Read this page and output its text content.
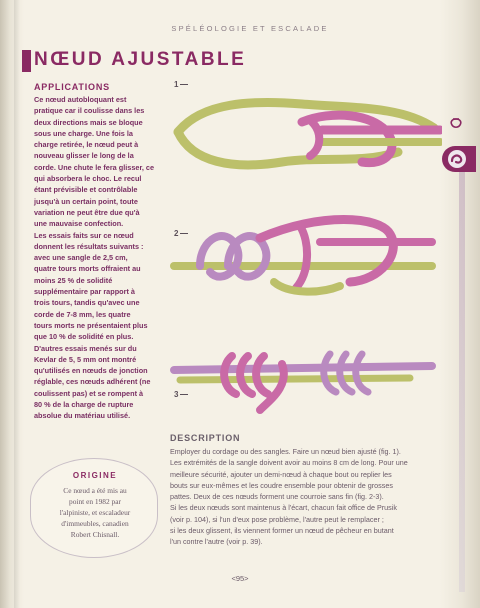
SPÉLÉOLOGIE ET ESCALADE
NŒUD AJUSTABLE
APPLICATIONS
Ce nœud autobloquant est
pratique car il coulisse dans les
deux directions mais se bloque
sous une charge. Une fois la
charge retirée, le nœud peut à
nouveau glisser le long de la
corde. Une chute le fera glisser, ce
qui absorbera le choc. Le recul
étant prévisible et contrôlable
jusqu'à un certain point, toute
variation ne peut être due qu'à
une mauvaise confection.
Les essais faits sur ce nœud
donnent les résultats suivants :
avec une sangle de 2,5 cm,
quatre tours morts offraient au
moins 25 % de solidité
supplémentaire par rapport à
trois tours, tandis qu'avec une
corde de 7-8 mm, les quatre
tours morts ne présentaient plus
que 10 % de solidité en plus.
D'autres essais menés sur du
Kevlar de 5, 5 mm ont montré
qu'utilisés en nœuds de jonction
réglable, ces nœuds adhérent (ne
coulissent pas) et se rompent à
80 % de la charge de rupture
absolue du matériau utilisé.
1
2
3
DESCRIPTION
Employer du cordage ou des sangles. Faire un nœud bien ajusté (fig. 1).
Les extrémités de la sangle doivent avoir au moins 8 cm de long. Pour une
meilleure sécurité, ajouter un demi-nœud à chaque bout ou replier les
bouts sur eux-mêmes et les coudre ensemble pour obtenir de grosses
pattes. Deux de ces nœuds forment une courroie sans fin (fig. 2-3).
Si les deux nœuds sont maintenus à l'écart, chacun fait office de Prusik
(voir p. 104), si l'un d'eux pose problème, l'autre peut le remplacer ;
si les deux glissent, ils viennent former un nœud de pêcheur en butant
l'un contre l'autre (voir p. 39).
ORIGINE
Ce nœud a été mis au
point en 1982 par
l'alpiniste, et escaladeur
d'immeubles, canadien
Robert Chisnall.
<95>
